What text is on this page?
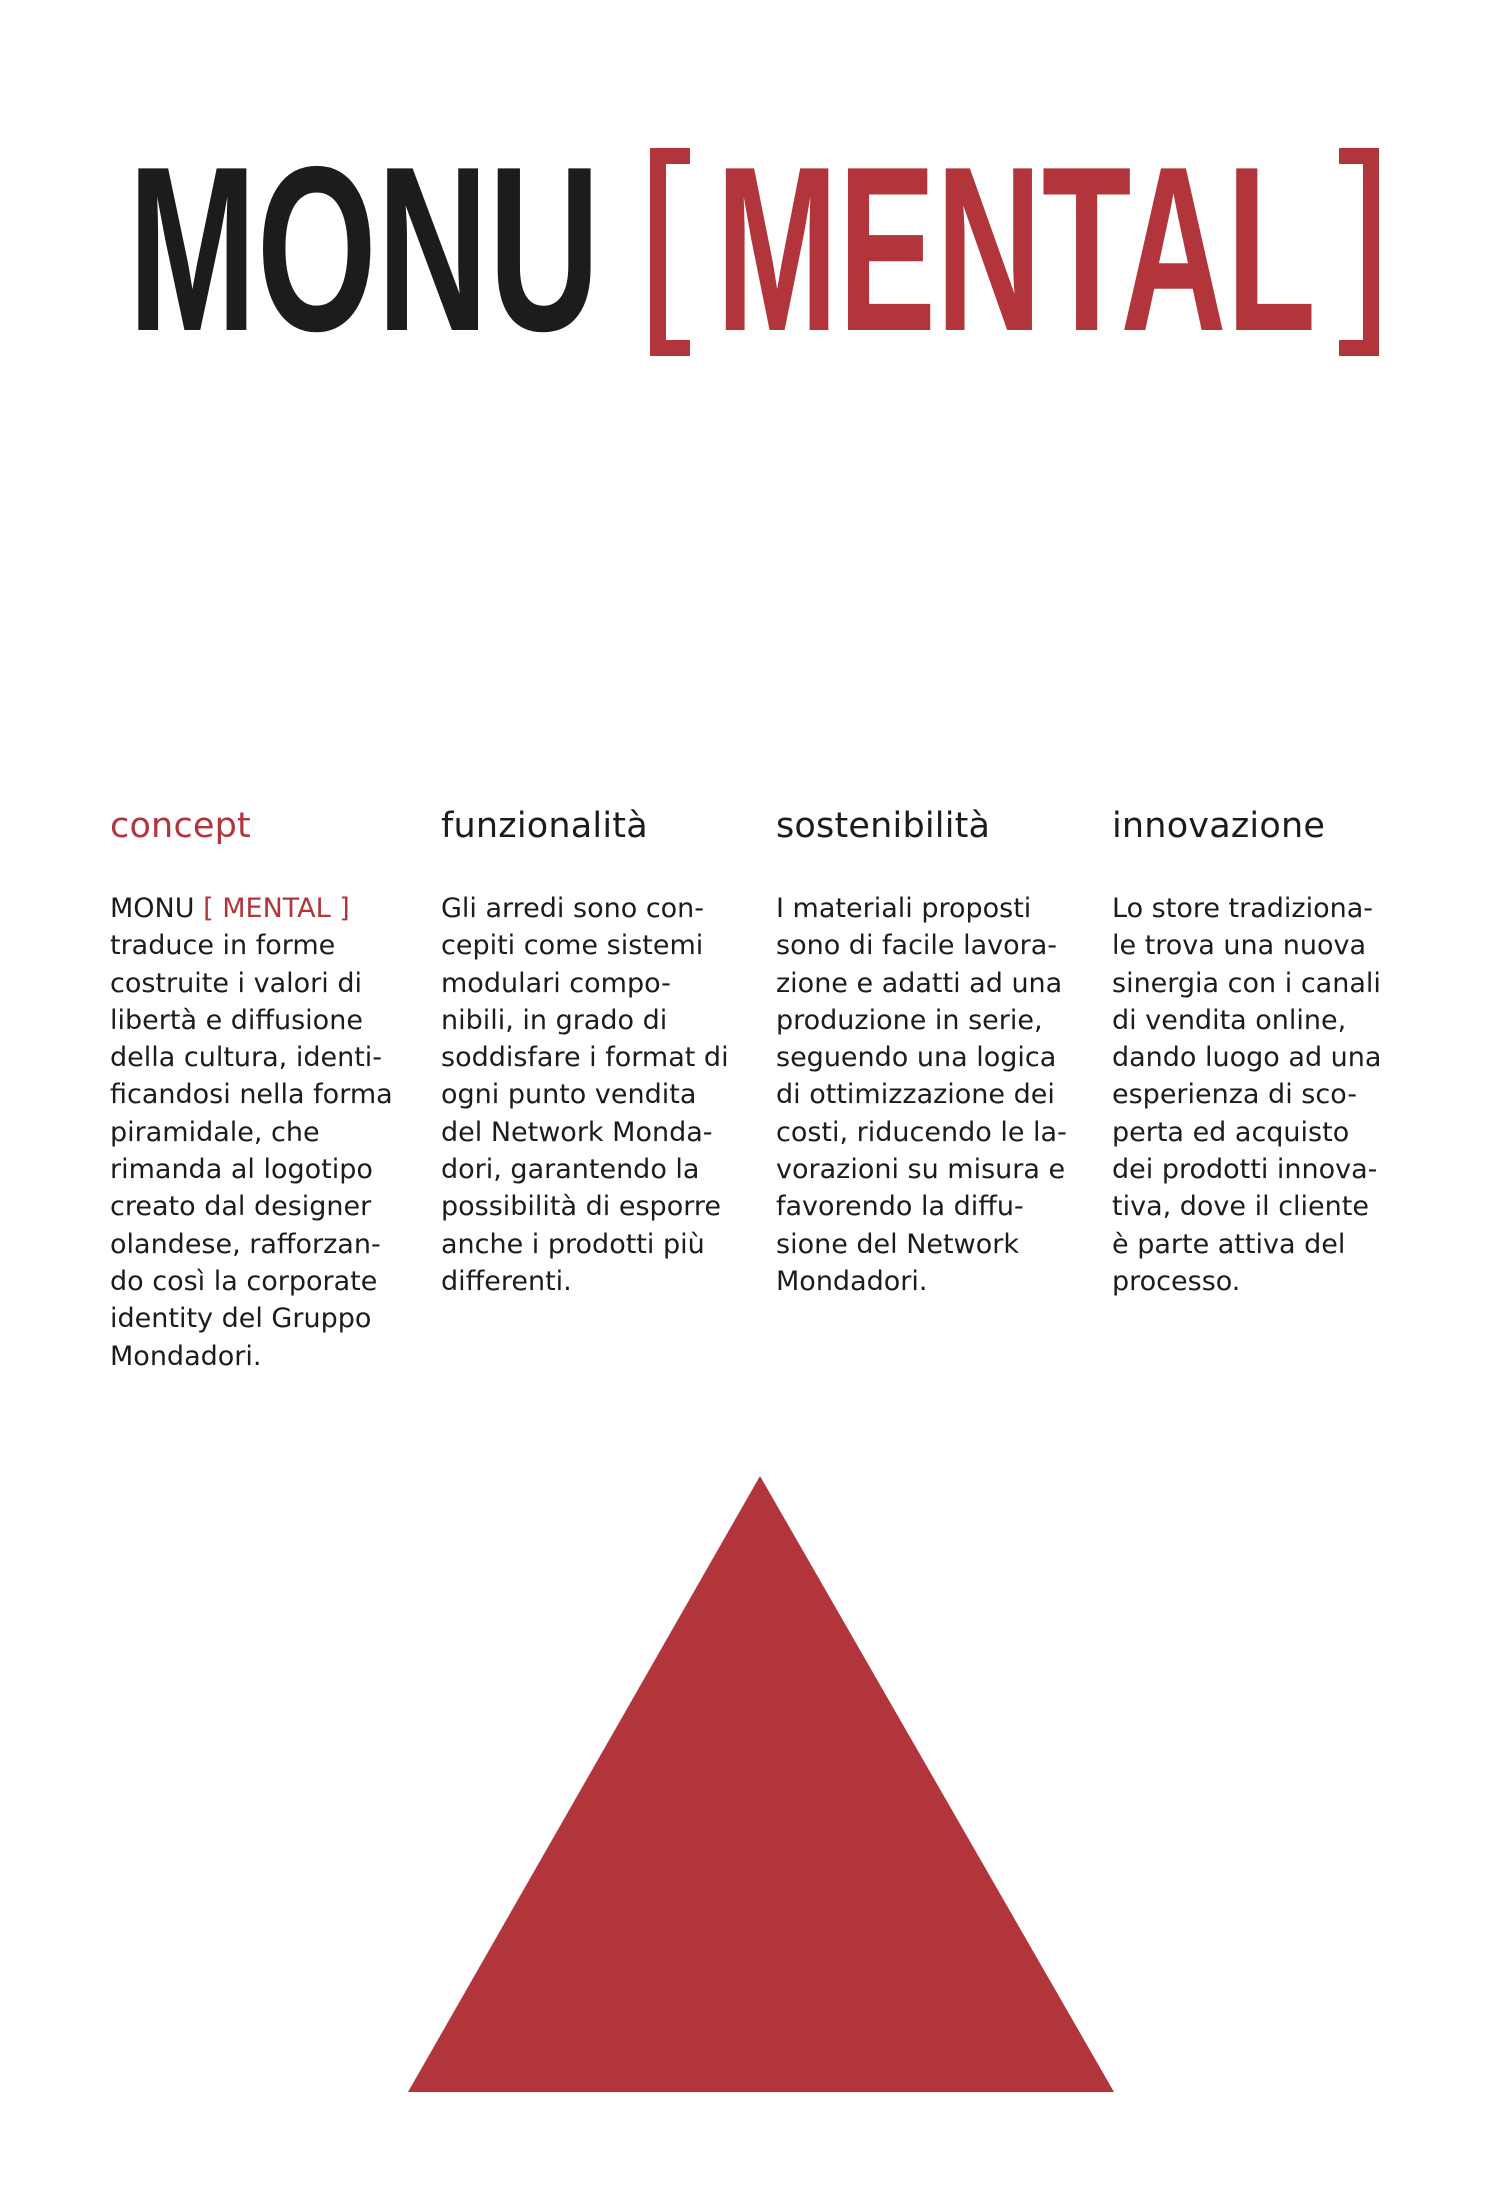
MONU MENTAL
concept

MONU [ MENTAL ]
traduce in forme
costruite i valori di
libertà e diffusione
della cultura, identi-
ficandosi nella forma
piramidale, che
rimanda al logotipo
creato dal designer
olandese, rafforzan-
do così la corporate
identity del Gruppo
Mondadori.

funzionalità

Gli arredi sono con-
cepiti come sistemi
modulari compo-
nibili, in grado di
soddisfare i format di
ogni punto vendita
del Network Monda-
dori, garantendo la
possibilità di esporre
anche i prodotti più
differenti.

sostenibilità

I materiali proposti
sono di facile lavora-
zione e adatti ad una
produzione in serie,
seguendo una logica
di ottimizzazione dei
costi, riducendo le la-
vorazioni su misura e
favorendo la diffu-
sione del Network
Mondadori.

innovazione

Lo store tradiziona-
le trova una nuova
sinergia con i canali
di vendita online,
dando luogo ad una
esperienza di sco-
perta ed acquisto
dei prodotti innova-
tiva, dove il cliente
è parte attiva del
processo.
